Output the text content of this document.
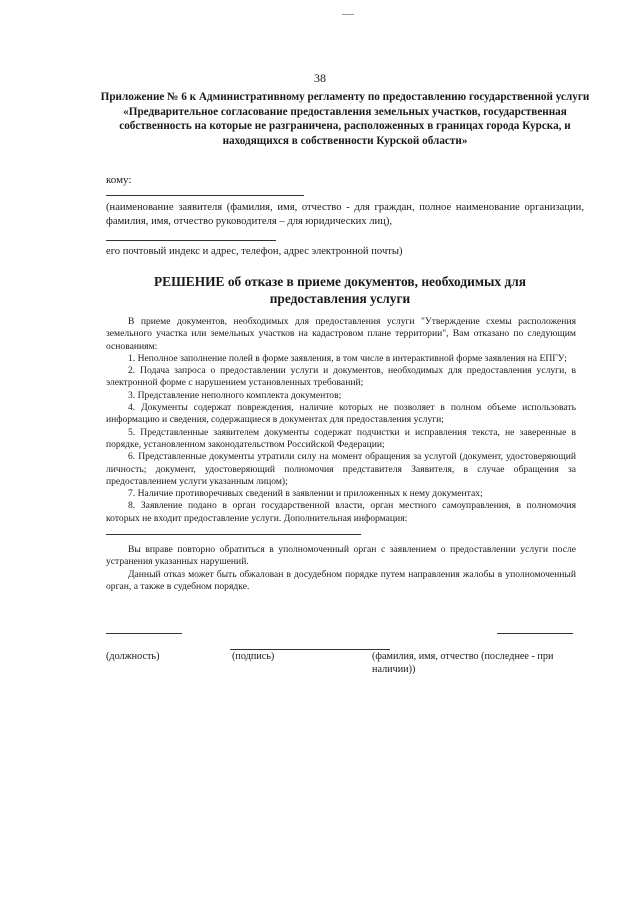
38
Приложение № 6 к Административному регламенту по предоставлению государственной услуги «Предварительное согласование предоставления земельных участков, государственная собственность на которые не разграничена, расположенных в границах города Курска, и находящихся в собственности Курской области»
кому:
(наименование заявителя (фамилия, имя, отчество - для граждан, полное наименование организации, фамилия, имя, отчество руководителя – для юридических лиц),
его почтовый индекс и адрес, телефон, адрес электронной почты)
РЕШЕНИЕ об отказе в приеме документов, необходимых для предоставления услуги

В приеме документов, необходимых для предоставления услуги "Утверждение схемы расположения земельного участка или земельных участков на кадастровом плане территории", Вам отказано по следующим основаниям:

1. Неполное заполнение полей в форме заявления, в том числе в интерактивной форме заявления на ЕПГУ;

2. Подача запроса о предоставлении услуги и документов, необходимых для предоставления услуги, в электронной форме с нарушением установленных требований;

3. Представление неполного комплекта документов;

4. Документы содержат повреждения, наличие которых не позволяет в полном объеме использовать информацию и сведения, содержащиеся в документах для предоставления услуги;

5. Представленные заявителем документы содержат подчистки и исправления текста, не заверенные в порядке, установленном законодательством Российской Федерации;

6. Представленные документы утратили силу на момент обращения за услугой (документ, удостоверяющий личность; документ, удостоверяющий полномочия представителя Заявителя, в случае обращения за предоставлением услуги указанным лицом);

7. Наличие противоречивых сведений в заявлении и приложенных к нему документах;

8. Заявление подано в орган государственной власти, орган местного самоуправления, в полномочия которых не входит предоставление услуги. Дополнительная информация:

Вы вправе повторно обратиться в уполномоченный орган с заявлением о предоставлении услуги после устранения указанных нарушений.

Данный отказ может быть обжалован в досудебном порядке путем направления жалобы в уполномоченный орган, а также в судебном порядке.

(должность)	(подпись)	(фамилия, имя, отчество (последнее - при наличии))
